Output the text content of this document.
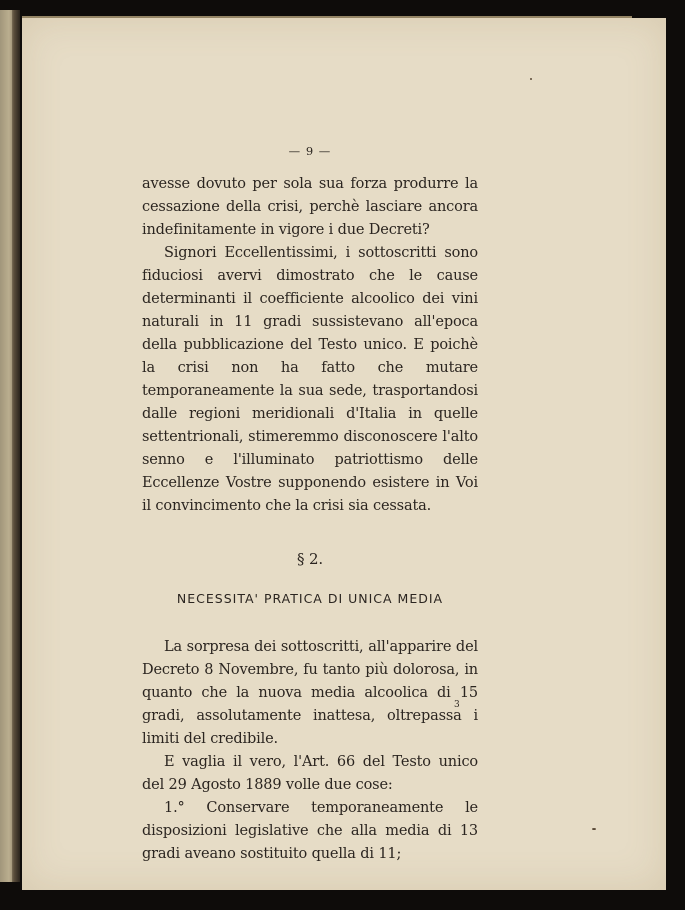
— 9 —

avesse dovuto per sola sua forza produrre la cessazione della crisi, perchè lasciare ancora indefinitamente in vigore i due Decreti?

Signori Eccellentissimi, i sottoscritti sono fiduciosi avervi dimostrato che le cause determinanti il coefficiente alcoolico dei vini naturali in 11 gradi sussistevano all'epoca della pubblicazione del Testo unico. E poichè la crisi non ha fatto che mutare temporaneamente la sua sede, trasportandosi dalle regioni meridionali d'Italia in quelle settentrionali, stimeremmo disconoscere l'alto senno e l'illuminato patriottismo delle Eccellenze Vostre supponendo esistere in Voi il convincimento che la crisi sia cessata.

§ 2.
NECESSITA' PRATICA DI UNICA MEDIA

La sorpresa dei sottoscritti, all'apparire del Decreto 8 Novembre, fu tanto più dolorosa, in quanto che la nuova media alcoolica di 15 gradi, assolutamente inattesa, oltrepassa i limiti del credibile.

E vaglia il vero, l'Art. 66 del Testo unico del 29 Agosto 1889 volle due cose:

1.° Conservare temporaneamente le disposizioni legislative che alla media di 13 gradi aveano sostituito quella di 11;

3
